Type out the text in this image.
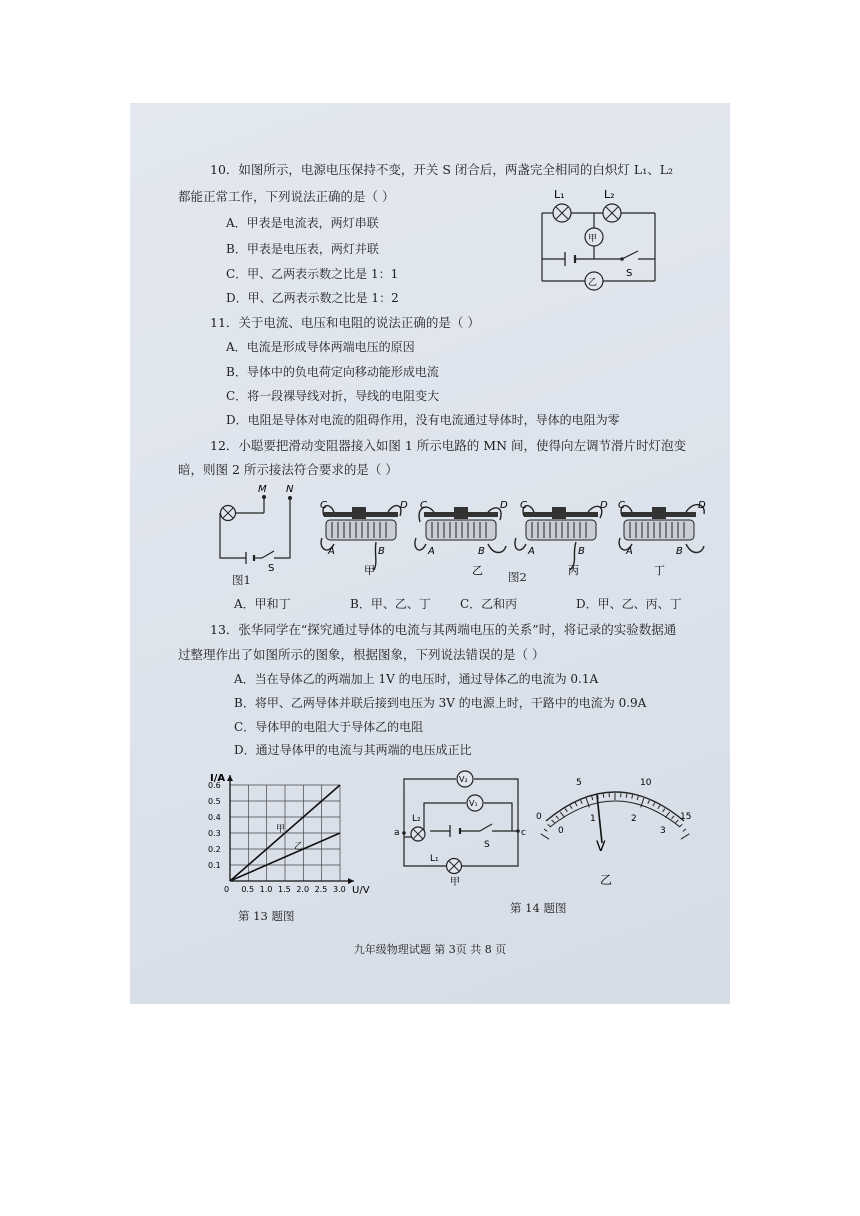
10．如图所示，电源电压保持不变，开关 S 闭合后，两盏完全相同的白炽灯 L₁、L₂
都能正常工作，下列说法正确的是（ ）
A．甲表是电流表，两灯串联
B．甲表是电压表，两灯并联
C．甲、乙两表示数之比是 1：1
D．甲、乙两表示数之比是 1：2
L₁	L₂
甲
乙
S
11．关于电流、电压和电阻的说法正确的是（ ）
A．电流是形成导体两端电压的原因
B．导体中的负电荷定向移动能形成电流
C．将一段裸导线对折，导线的电阻变大
D．电阻是导体对电流的阻碍作用，没有电流通过导体时，导体的电阻为零
12．小聪要把滑动变阻器接入如图 1 所示电路的 MN 间，使得向左调节滑片时灯泡变
暗，则图 2 所示接法符合要求的是（ ）
M N
S
图1
C	D
A	B
甲
C	D
A	B
乙
C	D
A	B
丙
C	D
A	B
丁
图2
A．甲和丁	B．甲、乙、丁 C．乙和丙	D．甲、乙、丙、丁
13．张华同学在“探究通过导体的电流与其两端电压的关系”时，将记录的实验数据通
过整理作出了如图所示的图象，根据图象，下列说法错误的是（ ）
A．当在导体乙的两端加上 1V 的电压时，通过导体乙的电流为 0.1A
B．将甲、乙两导体并联后接到电压为 3V 的电源上时，干路中的电流为 0.9A
C．导体甲的电阻大于导体乙的电阻
D．通过导体甲的电流与其两端的电压成正比
甲
乙
0 0.5 1.0 1.5 2.0 2.5 3.0
0.1
0.2
0.3
0.4
0.5
0.6
I/A
U/V
第 13 题图
V₂
V₁
L₂
L₁
a	c
S
甲
0
5	10
15
0
1	2
3
V
乙
第 14 题图
九年级物理试题 第 3页 共 8 页
